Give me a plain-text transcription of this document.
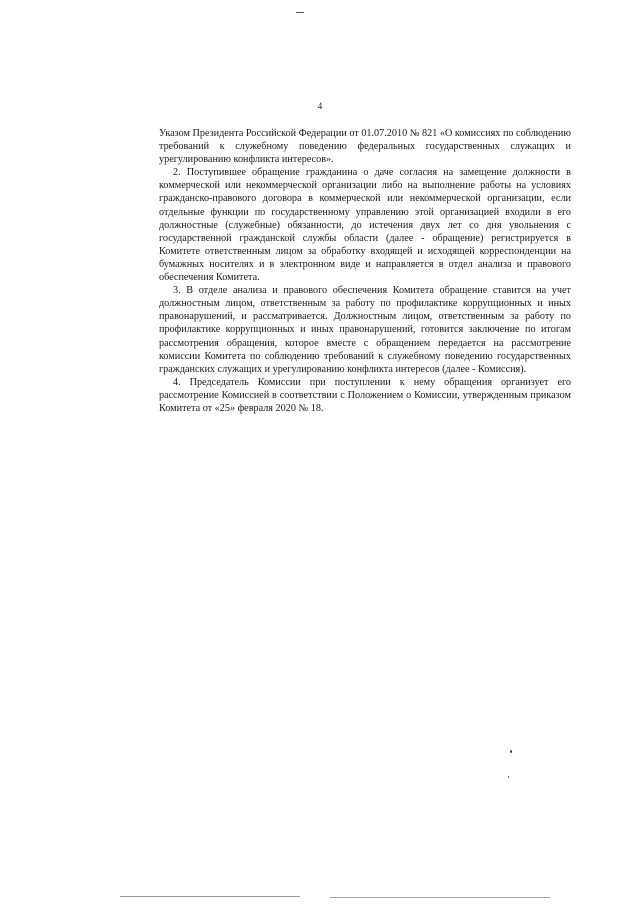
4

Указом Президента Российской Федерации от 01.07.2010 № 821 «О комиссиях по соблюдению требований к служебному поведению федеральных государственных служащих и урегулированию конфликта интересов».

2. Поступившее обращение гражданина о даче согласия на замещение должности в коммерческой или некоммерческой организации либо на выполнение работы на условиях гражданско-правового договора в коммерческой или некоммерческой организации, если отдельные функции по государственному управлению этой организацией входили в его должностные (служебные) обязанности, до истечения двух лет со дня увольнения с государственной гражданской службы области (далее - обращение) регистрируется в Комитете ответственным лицом за обработку входящей и исходящей корреспонденции на бумажных носителях и в электронном виде и направляется в отдел анализа и правового обеспечения Комитета.

3. В отделе анализа и правового обеспечения Комитета обращение ставится на учет должностным лицом, ответственным за работу по профилактике коррупционных и иных правонарушений, и рассматривается. Должностным лицом, ответственным за работу по профилактике коррупционных и иных правонарушений, готовится заключение по итогам рассмотрения обращения, которое вместе с обращением передается на рассмотрение комиссии Комитета по соблюдению требований к служебному поведению государственных гражданских служащих и урегулированию конфликта интересов (далее - Комиссия).

4. Председатель Комиссии при поступлении к нему обращения организует его рассмотрение Комиссией в соответствии с Положением о Комиссии, утвержденным приказом Комитета от «25» февраля 2020 № 18.
